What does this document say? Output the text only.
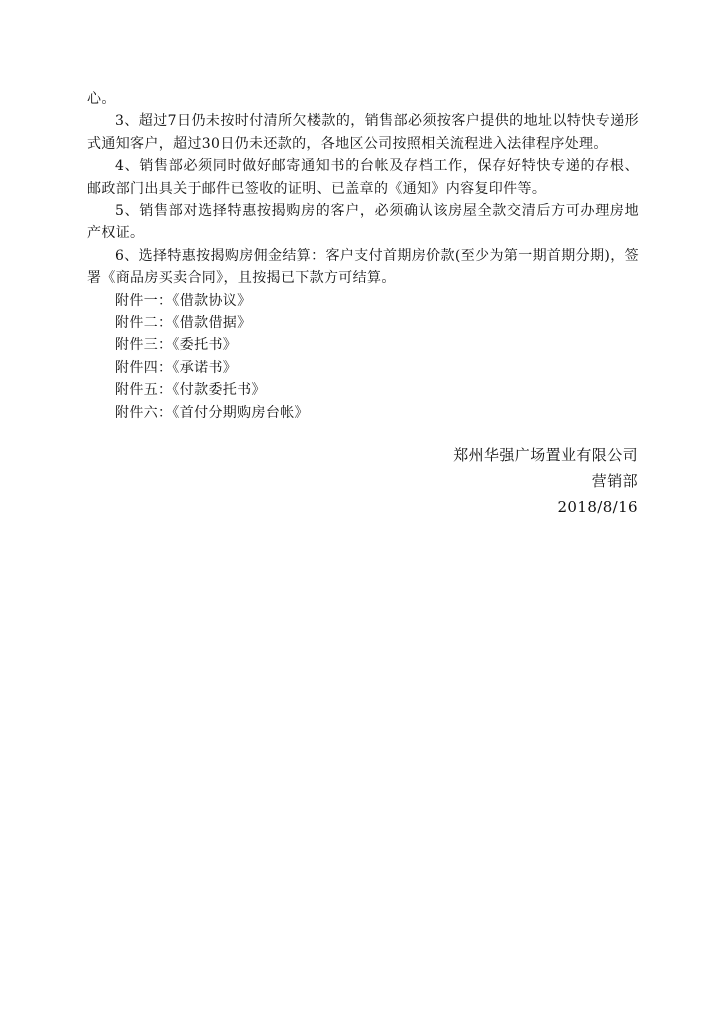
心。

3、超过7日仍未按时付清所欠楼款的，销售部必须按客户提供的地址以特快专递形式通知客户，超过30日仍未还款的，各地区公司按照相关流程进入法律程序处理。

4、销售部必须同时做好邮寄通知书的台帐及存档工作，保存好特快专递的存根、邮政部门出具关于邮件已签收的证明、已盖章的《通知》内容复印件等。

5、销售部对选择特惠按揭购房的客户，必须确认该房屋全款交清后方可办理房地产权证。

6、选择特惠按揭购房佣金结算：客户支付首期房价款(至少为第一期首期分期)，签署《商品房买卖合同》，且按揭已下款方可结算。

附件一：《借款协议》
附件二：《借款借据》
附件三：《委托书》
附件四：《承诺书》
附件五：《付款委托书》
附件六：《首付分期购房台帐》
郑州华强广场置业有限公司
营销部
2018/8/16
